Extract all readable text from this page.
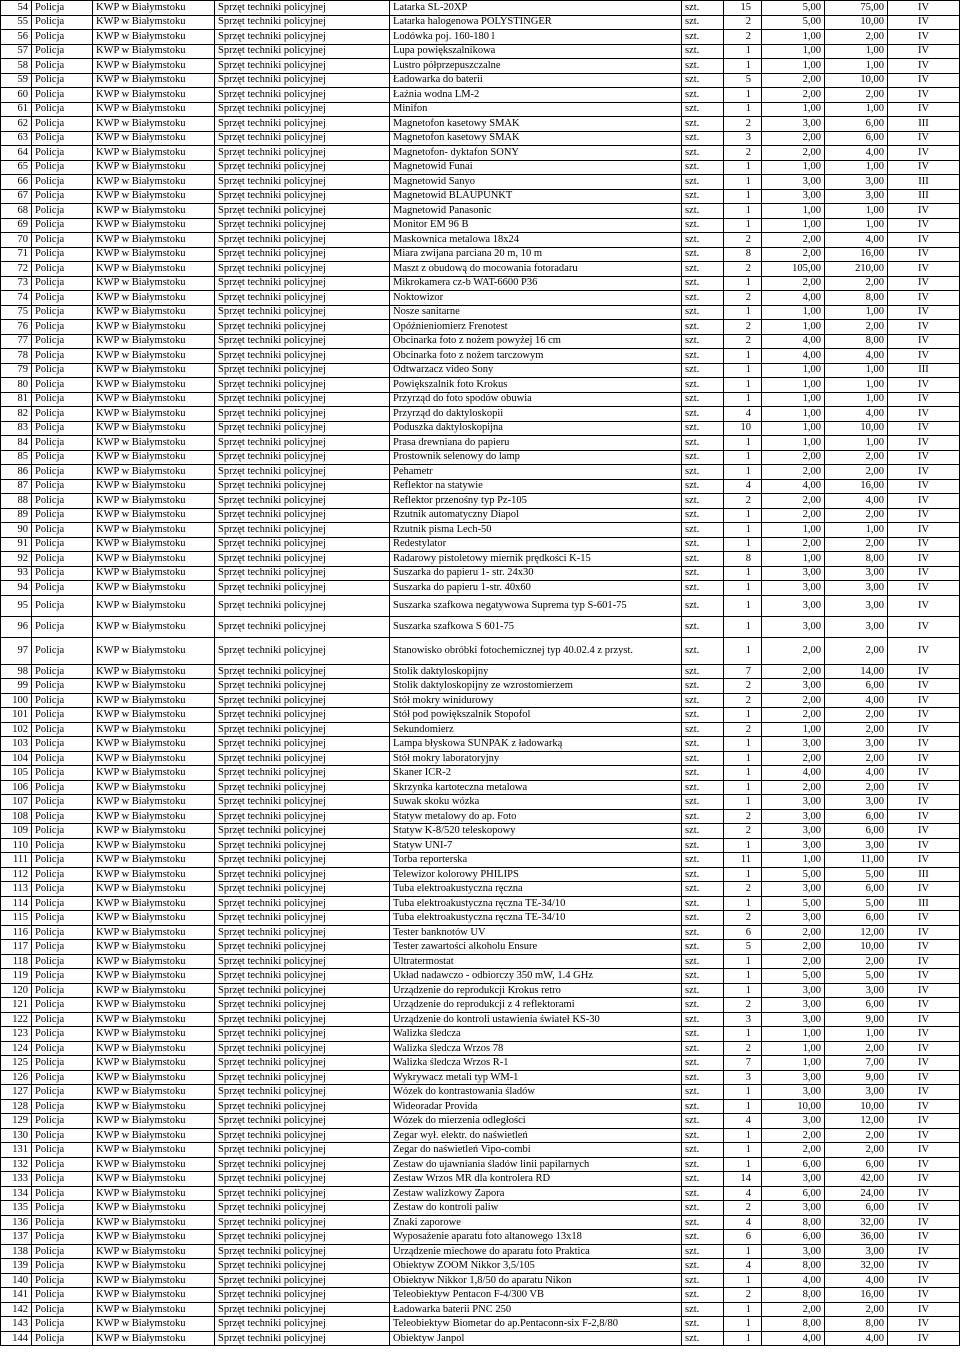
54	Policja	KWP w Białymstoku	Sprzęt techniki policyjnej	Latarka SL-20XP	szt.	15	5,00	75,00	IV
55	Policja	KWP w Białymstoku	Sprzęt techniki policyjnej	Latarka halogenowa POLYSTINGER	szt.	2	5,00	10,00	IV
56	Policja	KWP w Białymstoku	Sprzęt techniki policyjnej	Lodówka poj. 160-180 l	szt.	2	1,00	2,00	IV
57	Policja	KWP w Białymstoku	Sprzęt techniki policyjnej	Lupa powiększalnikowa	szt.	1	1,00	1,00	IV
58	Policja	KWP w Białymstoku	Sprzęt techniki policyjnej	Lustro półprzepuszczalne	szt.	1	1,00	1,00	IV
59	Policja	KWP w Białymstoku	Sprzęt techniki policyjnej	Ładowarka do baterii	szt.	5	2,00	10,00	IV
60	Policja	KWP w Białymstoku	Sprzęt techniki policyjnej	Łaźnia wodna LM-2	szt.	1	2,00	2,00	IV
61	Policja	KWP w Białymstoku	Sprzęt techniki policyjnej	Minifon	szt.	1	1,00	1,00	IV
62	Policja	KWP w Białymstoku	Sprzęt techniki policyjnej	Magnetofon kasetowy SMAK	szt.	2	3,00	6,00	III
63	Policja	KWP w Białymstoku	Sprzęt techniki policyjnej	Magnetofon kasetowy SMAK	szt.	3	2,00	6,00	IV
64	Policja	KWP w Białymstoku	Sprzęt techniki policyjnej	Magnetofon- dyktafon SONY	szt.	2	2,00	4,00	IV
65	Policja	KWP w Białymstoku	Sprzęt techniki policyjnej	Magnetowid Funai	szt.	1	1,00	1,00	IV
66	Policja	KWP w Białymstoku	Sprzęt techniki policyjnej	Magnetowid Sanyo	szt.	1	3,00	3,00	III
67	Policja	KWP w Białymstoku	Sprzęt techniki policyjnej	Magnetowid BLAUPUNKT	szt.	1	3,00	3,00	III
68	Policja	KWP w Białymstoku	Sprzęt techniki policyjnej	Magnetowid Panasonic	szt.	1	1,00	1,00	IV
69	Policja	KWP w Białymstoku	Sprzęt techniki policyjnej	Monitor EM 96 B	szt.	1	1,00	1,00	IV
70	Policja	KWP w Białymstoku	Sprzęt techniki policyjnej	Maskownica metalowa 18x24	szt.	2	2,00	4,00	IV
71	Policja	KWP w Białymstoku	Sprzęt techniki policyjnej	Miara zwijana parciana 20 m, 10 m	szt.	8	2,00	16,00	IV
72	Policja	KWP w Białymstoku	Sprzęt techniki policyjnej	Maszt z obudową do mocowania fotoradaru	szt.	2	105,00	210,00	IV
73	Policja	KWP w Białymstoku	Sprzęt techniki policyjnej	Mikrokamera cz-b WAT-6600 P36	szt.	1	2,00	2,00	IV
74	Policja	KWP w Białymstoku	Sprzęt techniki policyjnej	Noktowizor	szt.	2	4,00	8,00	IV
75	Policja	KWP w Białymstoku	Sprzęt techniki policyjnej	Nosze sanitarne	szt.	1	1,00	1,00	IV
76	Policja	KWP w Białymstoku	Sprzęt techniki policyjnej	Opóźnieniomierz Frenotest	szt.	2	1,00	2,00	IV
77	Policja	KWP w Białymstoku	Sprzęt techniki policyjnej	Obcinarka foto z nożem powyżej 16 cm	szt.	2	4,00	8,00	IV
78	Policja	KWP w Białymstoku	Sprzęt techniki policyjnej	Obcinarka foto z nożem tarczowym	szt.	1	4,00	4,00	IV
79	Policja	KWP w Białymstoku	Sprzęt techniki policyjnej	Odtwarzacz video Sony	szt.	1	1,00	1,00	III
80	Policja	KWP w Białymstoku	Sprzęt techniki policyjnej	Powiększalnik foto Krokus	szt.	1	1,00	1,00	IV
81	Policja	KWP w Białymstoku	Sprzęt techniki policyjnej	Przyrząd do foto spodów obuwia	szt.	1	1,00	1,00	IV
82	Policja	KWP w Białymstoku	Sprzęt techniki policyjnej	Przyrząd do daktyloskopii	szt.	4	1,00	4,00	IV
83	Policja	KWP w Białymstoku	Sprzęt techniki policyjnej	Poduszka daktyloskopijna	szt.	10	1,00	10,00	IV
84	Policja	KWP w Białymstoku	Sprzęt techniki policyjnej	Prasa drewniana do papieru	szt.	1	1,00	1,00	IV
85	Policja	KWP w Białymstoku	Sprzęt techniki policyjnej	Prostownik selenowy do lamp	szt.	1	2,00	2,00	IV
86	Policja	KWP w Białymstoku	Sprzęt techniki policyjnej	Pehametr	szt.	1	2,00	2,00	IV
87	Policja	KWP w Białymstoku	Sprzęt techniki policyjnej	Reflektor na statywie	szt.	4	4,00	16,00	IV
88	Policja	KWP w Białymstoku	Sprzęt techniki policyjnej	Reflektor przenośny typ Pz-105	szt.	2	2,00	4,00	IV
89	Policja	KWP w Białymstoku	Sprzęt techniki policyjnej	Rzutnik automatyczny Diapol	szt.	1	2,00	2,00	IV
90	Policja	KWP w Białymstoku	Sprzęt techniki policyjnej	Rzutnik pisma Lech-50	szt.	1	1,00	1,00	IV
91	Policja	KWP w Białymstoku	Sprzęt techniki policyjnej	Redestylator	szt.	1	2,00	2,00	IV
92	Policja	KWP w Białymstoku	Sprzęt techniki policyjnej	Radarowy pistoletowy miernik prędkości K-15	szt.	8	1,00	8,00	IV
93	Policja	KWP w Białymstoku	Sprzęt techniki policyjnej	Suszarka do papieru 1- str. 24x30	szt.	1	3,00	3,00	IV
94	Policja	KWP w Białymstoku	Sprzęt techniki policyjnej	Suszarka do papieru 1-str. 40x60	szt.	1	3,00	3,00	IV
95	Policja	KWP w Białymstoku	Sprzęt techniki policyjnej	Suszarka szafkowa negatywowa Suprema typ S-601-75	szt.	1	3,00	3,00	IV
96	Policja	KWP w Białymstoku	Sprzęt techniki policyjnej	Suszarka szafkowa S 601-75	szt.	1	3,00	3,00	IV
97	Policja	KWP w Białymstoku	Sprzęt techniki policyjnej	Stanowisko obróbki fotochemicznej typ 40.02.4 z przyst.	szt.	1	2,00	2,00	IV
98	Policja	KWP w Białymstoku	Sprzęt techniki policyjnej	Stolik daktyloskopijny	szt.	7	2,00	14,00	IV
99	Policja	KWP w Białymstoku	Sprzęt techniki policyjnej	Stolik daktyloskopijny ze wzrostomierzem	szt.	2	3,00	6,00	IV
100	Policja	KWP w Białymstoku	Sprzęt techniki policyjnej	Stół mokry winidurowy	szt.	2	2,00	4,00	IV
101	Policja	KWP w Białymstoku	Sprzęt techniki policyjnej	Stół pod powiększalnik Stopofol	szt.	1	2,00	2,00	IV
102	Policja	KWP w Białymstoku	Sprzęt techniki policyjnej	Sekundomierz	szt.	2	1,00	2,00	IV
103	Policja	KWP w Białymstoku	Sprzęt techniki policyjnej	Lampa błyskowa SUNPAK z ładowarką	szt.	1	3,00	3,00	IV
104	Policja	KWP w Białymstoku	Sprzęt techniki policyjnej	Stół mokry laboratoryjny	szt.	1	2,00	2,00	IV
105	Policja	KWP w Białymstoku	Sprzęt techniki policyjnej	Skaner ICR-2	szt.	1	4,00	4,00	IV
106	Policja	KWP w Białymstoku	Sprzęt techniki policyjnej	Skrzynka kartoteczna metalowa	szt.	1	2,00	2,00	IV
107	Policja	KWP w Białymstoku	Sprzęt techniki policyjnej	Suwak skoku wózka	szt.	1	3,00	3,00	IV
108	Policja	KWP w Białymstoku	Sprzęt techniki policyjnej	Statyw metalowy do ap. Foto	szt.	2	3,00	6,00	IV
109	Policja	KWP w Białymstoku	Sprzęt techniki policyjnej	Statyw K-8/520 teleskopowy	szt.	2	3,00	6,00	IV
110	Policja	KWP w Białymstoku	Sprzęt techniki policyjnej	Statyw UNI-7	szt.	1	3,00	3,00	IV
111	Policja	KWP w Białymstoku	Sprzęt techniki policyjnej	Torba reporterska	szt.	11	1,00	11,00	IV
112	Policja	KWP w Białymstoku	Sprzęt techniki policyjnej	Telewizor kolorowy PHILIPS	szt.	1	5,00	5,00	III
113	Policja	KWP w Białymstoku	Sprzęt techniki policyjnej	Tuba elektroakustyczna ręczna	szt.	2	3,00	6,00	IV
114	Policja	KWP w Białymstoku	Sprzęt techniki policyjnej	Tuba elektroakustyczna ręczna TE-34/10	szt.	1	5,00	5,00	III
115	Policja	KWP w Białymstoku	Sprzęt techniki policyjnej	Tuba elektroakustyczna ręczna TE-34/10	szt.	2	3,00	6,00	IV
116	Policja	KWP w Białymstoku	Sprzęt techniki policyjnej	Tester banknotów UV	szt.	6	2,00	12,00	IV
117	Policja	KWP w Białymstoku	Sprzęt techniki policyjnej	Tester zawartości alkoholu Ensure	szt.	5	2,00	10,00	IV
118	Policja	KWP w Białymstoku	Sprzęt techniki policyjnej	Ultratermostat	szt.	1	2,00	2,00	IV
119	Policja	KWP w Białymstoku	Sprzęt techniki policyjnej	Układ nadawczo - odbiorczy 350 mW, 1.4 GHz	szt.	1	5,00	5,00	IV
120	Policja	KWP w Białymstoku	Sprzęt techniki policyjnej	Urządzenie do reprodukcji Krokus retro	szt.	1	3,00	3,00	IV
121	Policja	KWP w Białymstoku	Sprzęt techniki policyjnej	Urządzenie do reprodukcji z 4 reflektorami	szt.	2	3,00	6,00	IV
122	Policja	KWP w Białymstoku	Sprzęt techniki policyjnej	Urządzenie do kontroli ustawienia świateł KS-30	szt.	3	3,00	9,00	IV
123	Policja	KWP w Białymstoku	Sprzęt techniki policyjnej	Walizka śledcza	szt.	1	1,00	1,00	IV
124	Policja	KWP w Białymstoku	Sprzęt techniki policyjnej	Walizka śledcza Wrzos 78	szt.	2	1,00	2,00	IV
125	Policja	KWP w Białymstoku	Sprzęt techniki policyjnej	Walizka śledcza Wrzos R-1	szt.	7	1,00	7,00	IV
126	Policja	KWP w Białymstoku	Sprzęt techniki policyjnej	Wykrywacz metali typ WM-1	szt.	3	3,00	9,00	IV
127	Policja	KWP w Białymstoku	Sprzęt techniki policyjnej	Wózek do kontrastowania śladów	szt.	1	3,00	3,00	IV
128	Policja	KWP w Białymstoku	Sprzęt techniki policyjnej	Wideoradar Provida	szt.	1	10,00	10,00	IV
129	Policja	KWP w Białymstoku	Sprzęt techniki policyjnej	Wózek do mierzenia odległości	szt.	4	3,00	12,00	IV
130	Policja	KWP w Białymstoku	Sprzęt techniki policyjnej	Zegar wył. elektr. do naświetleń	szt.	1	2,00	2,00	IV
131	Policja	KWP w Białymstoku	Sprzęt techniki policyjnej	Zegar do naświetleń Vipo-combi	szt.	1	2,00	2,00	IV
132	Policja	KWP w Białymstoku	Sprzęt techniki policyjnej	Zestaw do ujawniania śladów linii papilarnych	szt.	1	6,00	6,00	IV
133	Policja	KWP w Białymstoku	Sprzęt techniki policyjnej	Zestaw Wrzos MR dla kontrolera RD	szt.	14	3,00	42,00	IV
134	Policja	KWP w Białymstoku	Sprzęt techniki policyjnej	Zestaw walizkowy Zapora	szt.	4	6,00	24,00	IV
135	Policja	KWP w Białymstoku	Sprzęt techniki policyjnej	Zestaw do kontroli paliw	szt.	2	3,00	6,00	IV
136	Policja	KWP w Białymstoku	Sprzęt techniki policyjnej	Znaki zaporowe	szt.	4	8,00	32,00	IV
137	Policja	KWP w Białymstoku	Sprzęt techniki policyjnej	Wyposażenie aparatu foto altanowego 13x18	szt.	6	6,00	36,00	IV
138	Policja	KWP w Białymstoku	Sprzęt techniki policyjnej	Urządzenie miechowe do aparatu foto Praktica	szt.	1	3,00	3,00	IV
139	Policja	KWP w Białymstoku	Sprzęt techniki policyjnej	Obiektyw ZOOM Nikkor 3,5/105	szt.	4	8,00	32,00	IV
140	Policja	KWP w Białymstoku	Sprzęt techniki policyjnej	Obiektyw Nikkor 1,8/50 do aparatu Nikon	szt.	1	4,00	4,00	IV
141	Policja	KWP w Białymstoku	Sprzęt techniki policyjnej	Teleobiektyw Pentacon F-4/300 VB	szt.	2	8,00	16,00	IV
142	Policja	KWP w Białymstoku	Sprzęt techniki policyjnej	Ładowarka baterii PNC 250	szt.	1	2,00	2,00	IV
143	Policja	KWP w Białymstoku	Sprzęt techniki policyjnej	Teleobiektyw Biometar do ap.Pentaconn-six F-2,8/80	szt.	1	8,00	8,00	IV
144	Policja	KWP w Białymstoku	Sprzęt techniki policyjnej	Obiektyw Janpol	szt.	1	4,00	4,00	IV
